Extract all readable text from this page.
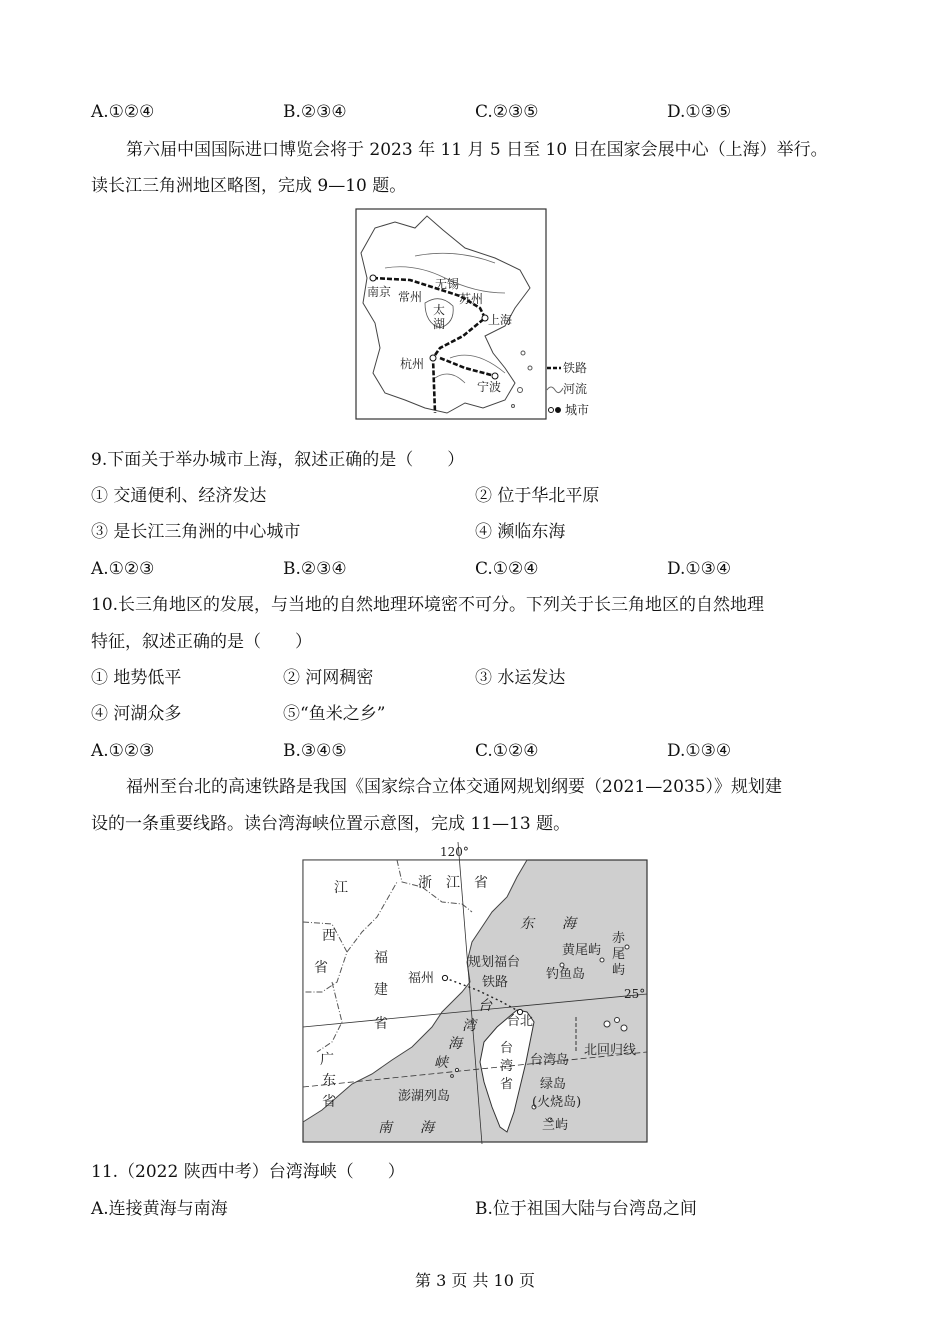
A.①②④	B.②③④	C.②③⑤	D.①③⑤
第六届中国国际进口博览会将于 2023 年 11 月 5 日至 10 日在国家会展中心（上海）举行。
读长江三角洲地区略图，完成 9—10 题。
南京 常州
无锡
苏州
上海
杭州
宁波
太
湖
铁路
河流
城市
9.下面关于举办城市上海，叙述正确的是（　　）
① 交通便利、经济发达	② 位于华北平原
③ 是长江三角洲的中心城市	④ 濒临东海
A.①②③	B.②③④	C.①②④	D.①③④
10.长三角地区的发展，与当地的自然地理环境密不可分。下列关于长三角地区的自然地理
特征，叙述正确的是（　　）
① 地势低平	② 河网稠密	③ 水运发达
④ 河湖众多	⑤“鱼米之乡”
A.①②③	B.③④⑤	C.①②④	D.①③④
福州至台北的高速铁路是我国《国家综合立体交通网规划纲要（2021—2035）》规划建
设的一条重要线路。读台湾海峡位置示意图，完成 11—13 题。
120°
25°
浙　江　省
江
西
省
福
建
省
广
东
省
东　　海
南　　海
台
湾
海
峡
福州
规划福台
铁路
台北
黄尾屿
赤
尾
屿
钓鱼岛
台
湾
省
台湾岛
北回归线
澎湖列岛
绿岛
(火烧岛)
兰屿
11.（2022 陕西中考）台湾海峡（　　）
A.连接黄海与南海	B.位于祖国大陆与台湾岛之间
第 3 页 共 10 页
